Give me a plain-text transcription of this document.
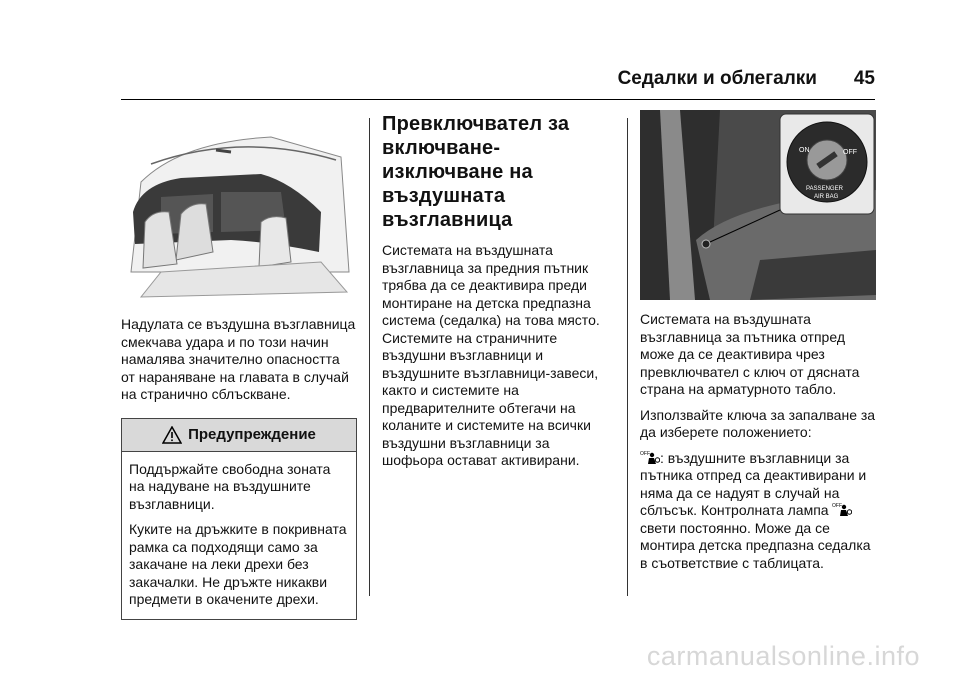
Седалки и облегалки 45

Надулата се въздушна възглавница смекчава удара и по този начин намалява значително опасността от нараняване на главата в случай на странично сблъскване.

Предупреждение

Поддържайте свободна зоната на надуване на въздушните възглавници.

Куките на дръжките в покривната рамка са подходящи само за закачане на леки дрехи без закачалки. Не дръжте никакви предмети в окачените дрехи.

Превключвател за включване-изключване на въздушната възглавница

Системата на въздушната възглавница за предния пътник трябва да се деактивира преди монтиране на детска предпазна система (седалка) на това място. Системите на страничните въздушни възглавници и въздушните възглавници-завеси, както и системите на предварителните обтегачи на коланите и системите на всички въздушни възглавници за шофьора остават активирани.

ON	OFF
PASSENGER
AIR BAG

Системата на въздушната възглавница за пътника отпред може да се деактивира чрез превключвател с ключ от дясната страна на арматурното табло.

Използвайте ключа за запалване за да изберете положението:

OFF : въздушните възглавници за пътника отпред са деактивирани и няма да се надуят в случай на сблъсък. Контролната лампа OFF
свети постоянно. Може да се монтира детска предпазна седалка в съответствие с таблицата.

carmanualsonline.info
